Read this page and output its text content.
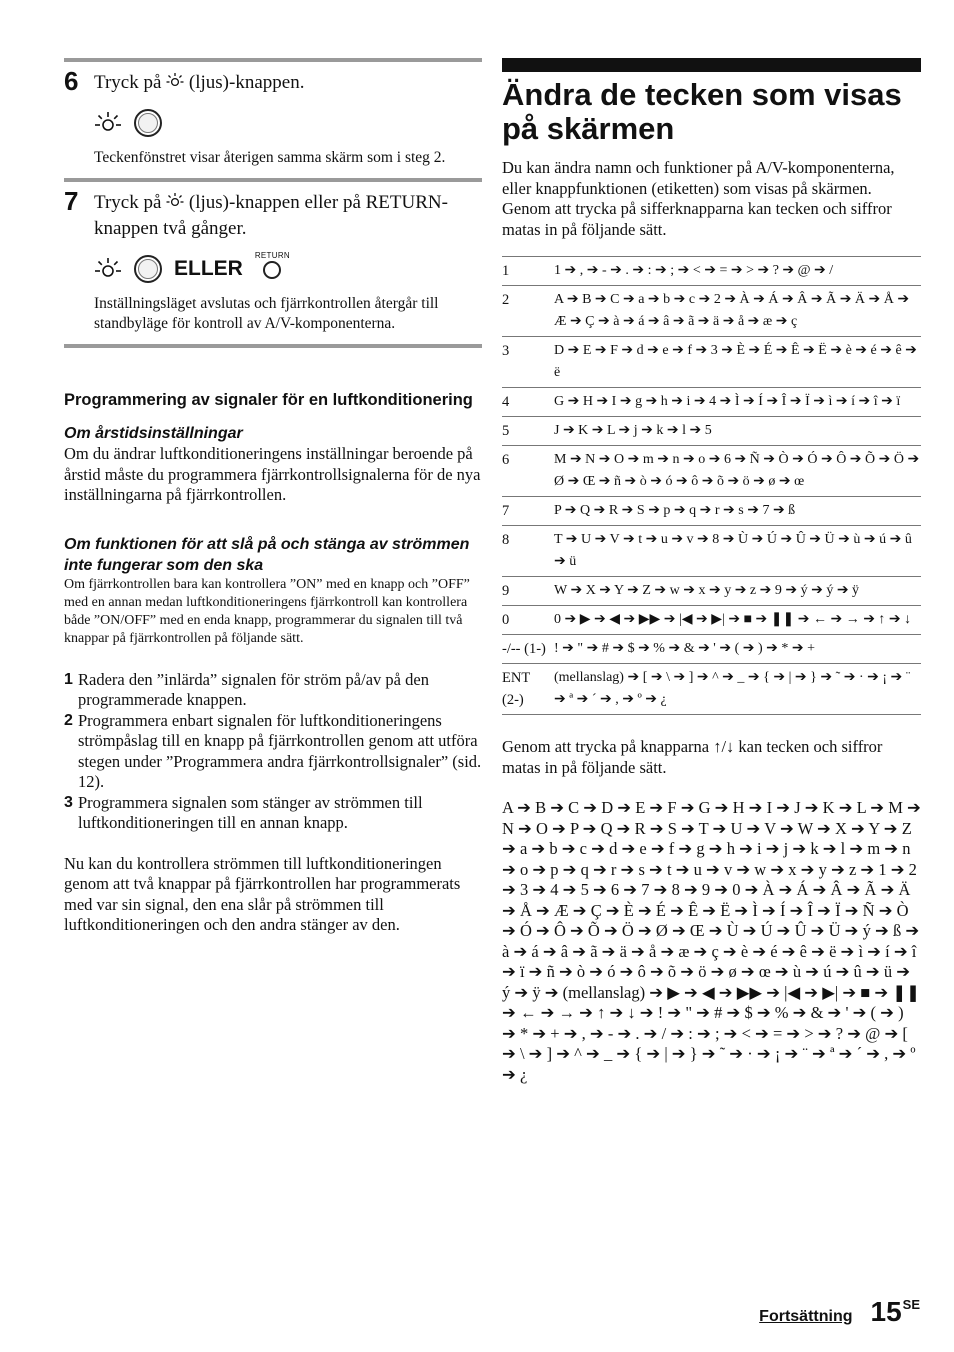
6 Tryck på (ljus)-knappen.
Teckenfönstret visar återigen samma skärm som i steg 2.
7 Tryck på (ljus)-knappen eller på RETURN-knappen två gånger.
ELLER
RETURN
Inställningsläget avslutas och fjärrkontrollen återgår till standbyläge för kontroll av A/V-komponenterna.
Programmering av signaler för en luftkonditionering
Om årstidsinställningar

Om du ändrar luftkonditioneringens inställningar beroende på årstid måste du programmera fjärrkontrollsignalerna för de nya inställningarna på fjärrkontrollen.

Om funktionen för att slå på och stänga av strömmen inte fungerar som den ska

Om fjärrkontrollen bara kan kontrollera ”ON” med en knapp och ”OFF” med en annan medan luftkonditioneringens fjärrkontroll kan kontrollera både ”ON/OFF” med en enda knapp, programmerar du signalen till två knappar på fjärrkontrollen på följande sätt.

1 Radera den ”inlärda” signalen för ström på/av på den programmerade knappen.
2 Programmera enbart signalen för luftkonditioneringens strömpåslag till en knapp på fjärrkontrollen genom att utföra stegen under ”Programmera andra fjärrkontrollsignaler” (sid. 12).
3 Programmera signalen som stänger av strömmen till luftkonditioneringen till en annan knapp.

Nu kan du kontrollera strömmen till luftkonditioneringen genom att två knappar på fjärrkontrollen har programmerats med var sin signal, den ena slår på strömmen till luftkonditioneringen och den andra stänger av den.

Ändra de tecken som visas på skärmen

Du kan ändra namn och funktioner på A/V-komponenterna, eller knappfunktionen (etiketten) som visas på skärmen.

Genom att trycka på sifferknapparna kan tecken och siffror matas in på följande sätt.

1	1 ➔ , ➔ - ➔ . ➔ : ➔ ; ➔ < ➔ = ➔ > ➔ ? ➔ @ ➔ /
2	A ➔ B ➔ C ➔ a ➔ b ➔ c ➔ 2 ➔ À ➔ Á ➔ Â ➔ Ã ➔ Ä ➔ Å ➔ Æ ➔ Ç ➔ à ➔ á ➔ â ➔ ã ➔ ä ➔ å ➔ æ ➔ ç
3	D ➔ E ➔ F ➔ d ➔ e ➔ f ➔ 3 ➔ È ➔ É ➔ Ê ➔ Ë ➔ è ➔ é ➔ ê ➔ ë
4	G ➔ H ➔ I ➔ g ➔ h ➔ i ➔ 4 ➔ Ì ➔ Í ➔ Î ➔ Ï ➔ ì ➔ í ➔ î ➔ ï
5	J ➔ K ➔ L ➔ j ➔ k ➔ l ➔ 5
6	M ➔ N ➔ O ➔ m ➔ n ➔ o ➔ 6 ➔ Ñ ➔ Ò ➔ Ó ➔ Ô ➔ Õ ➔ Ö ➔ Ø ➔ Œ ➔ ñ ➔ ò ➔ ó ➔ ô ➔ õ ➔ ö ➔ ø ➔ œ
7	P ➔ Q ➔ R ➔ S ➔ p ➔ q ➔ r ➔ s ➔ 7 ➔ ß
8	T ➔ U ➔ V ➔ t ➔ u ➔ v ➔ 8 ➔ Ù ➔ Ú ➔ Û ➔ Ü ➔ ù ➔ ú ➔ û ➔ ü
9	W ➔ X ➔ Y ➔ Z ➔ w ➔ x ➔ y ➔ z ➔ 9 ➔ ý ➔ ý ➔ ÿ
0	0 ➔ ▶ ➔ ◀ ➔ ▶▶ ➔ |◀ ➔ ▶| ➔ ■ ➔ ❚❚ ➔ ← ➔ → ➔ ↑ ➔ ↓
-/-- (1-)	! ➔ " ➔ # ➔ $ ➔ % ➔ & ➔ ' ➔ ( ➔ ) ➔ * ➔ +
ENT (2-)	(mellanslag) ➔ [ ➔ \ ➔ ] ➔ ^ ➔ _ ➔ { ➔ | ➔ } ➔ ˜ ➔ · ➔ ¡ ➔ ¨ ➔ ª ➔ ´ ➔ , ➔ º ➔ ¿

Genom att trycka på knapparna ↑/↓ kan tecken och siffror matas in på följande sätt.

A ➔ B ➔ C ➔ D ➔ E ➔ F ➔ G ➔ H ➔ I ➔ J ➔ K ➔ L ➔ M ➔ N ➔ O ➔ P ➔ Q ➔ R ➔ S ➔ T ➔ U ➔ V ➔ W ➔ X ➔ Y ➔ Z ➔ a ➔ b ➔ c ➔ d ➔ e ➔ f ➔ g ➔ h ➔ i ➔ j ➔ k ➔ l ➔ m ➔ n ➔ o ➔ p ➔ q ➔ r ➔ s ➔ t ➔ u ➔ v ➔ w ➔ x ➔ y ➔ z ➔ 1 ➔ 2 ➔ 3 ➔ 4 ➔ 5 ➔ 6 ➔ 7 ➔ 8 ➔ 9 ➔ 0 ➔ À ➔ Á ➔ Â ➔ Ã ➔ Ä ➔ Å ➔ Æ ➔ Ç ➔ È ➔ É ➔ Ê ➔ Ë ➔ Ì ➔ Í ➔ Î ➔ Ï ➔ Ñ ➔ Ò ➔ Ó ➔ Ô ➔ Õ ➔ Ö ➔ Ø ➔ Œ ➔ Ù ➔ Ú ➔ Û ➔ Ü ➔ ý ➔ ß ➔ à ➔ á ➔ â ➔ ã ➔ ä ➔ å ➔ æ ➔ ç ➔ è ➔ é ➔ ê ➔ ë ➔ ì ➔ í ➔ î ➔ ï ➔ ñ ➔ ò ➔ ó ➔ ô ➔ õ ➔ ö ➔ ø ➔ œ ➔ ù ➔ ú ➔ û ➔ ü ➔ ý ➔ ÿ ➔ (mellanslag) ➔ ▶ ➔ ◀ ➔ ▶▶ ➔ |◀ ➔ ▶| ➔ ■ ➔ ❚❚ ➔ ← ➔ → ➔ ↑ ➔ ↓ ➔ ! ➔ " ➔ # ➔ $ ➔ % ➔ & ➔ ' ➔ ( ➔ ) ➔ * ➔ + ➔ , ➔ - ➔ . ➔ / ➔ : ➔ ; ➔ < ➔ = ➔ > ➔ ? ➔ @ ➔ [ ➔ \ ➔ ] ➔ ^ ➔ _ ➔ { ➔ | ➔ } ➔ ˜ ➔ · ➔ ¡ ➔ ¨ ➔ ª ➔ ´ ➔ , ➔ º ➔ ¿

Fortsättning $15^{SE}$
